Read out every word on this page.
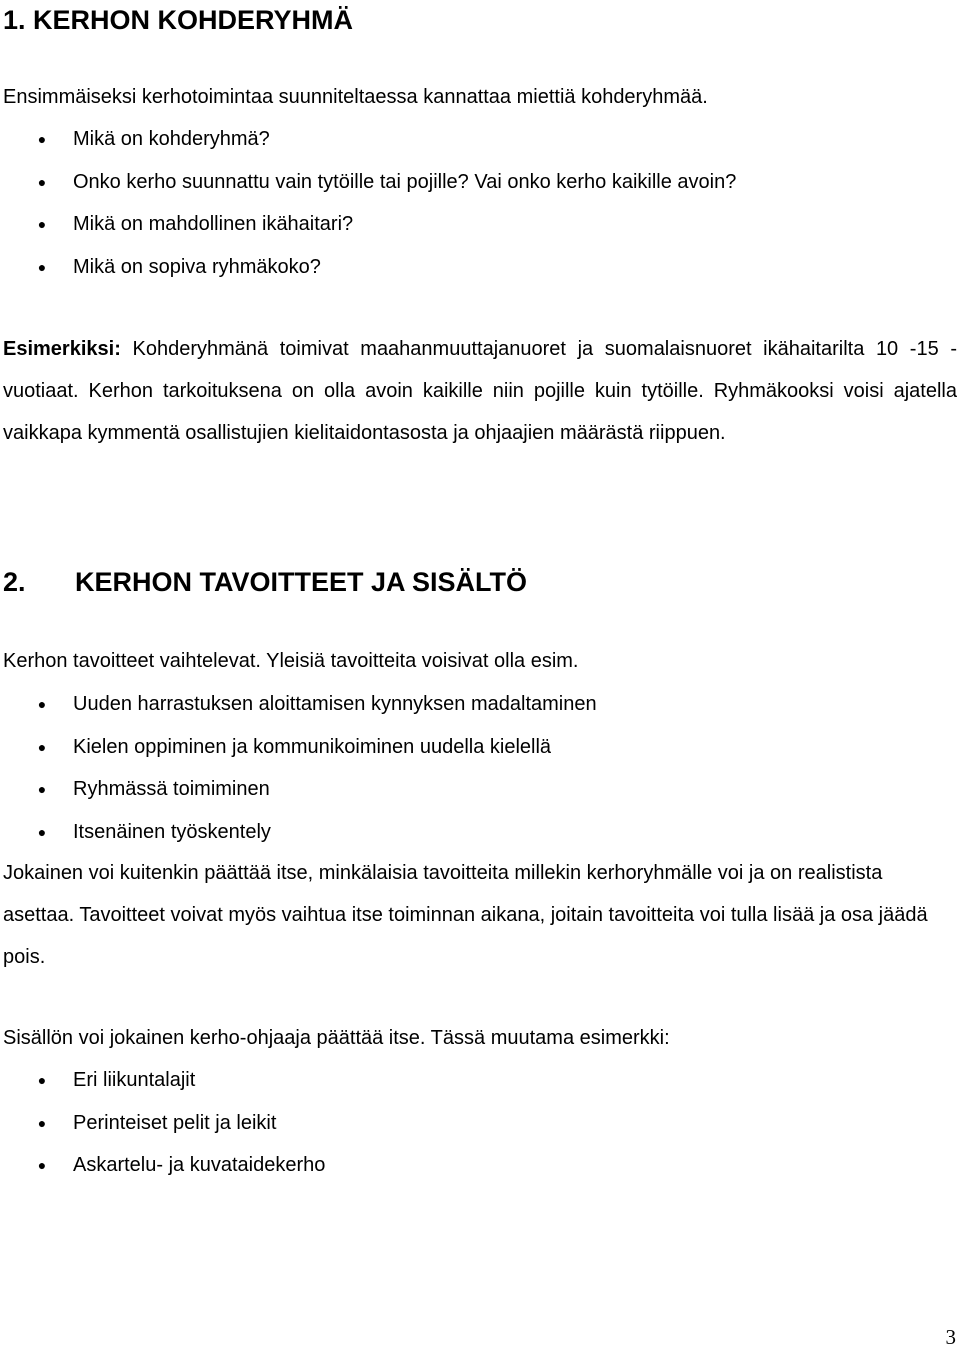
1. KERHON KOHDERYHMÄ

Ensimmäiseksi kerhotoimintaa suunniteltaessa kannattaa miettiä kohderyhmää.

● Mikä on kohderyhmä?
● Onko kerho suunnattu vain tytöille tai pojille? Vai onko kerho kaikille avoin?
● Mikä on mahdollinen ikähaitari?
● Mikä on sopiva ryhmäkoko?

Esimerkiksi: Kohderyhmänä toimivat maahanmuuttajanuoret ja suomalaisnuoret ikähaitarilta 10 -15 -vuotiaat. Kerhon tarkoituksena on olla avoin kaikille niin pojille kuin tytöille. Ryhmäkooksi voisi ajatella vaikkapa kymmentä osallistujien kielitaidontasosta ja ohjaajien määrästä riippuen.

2. KERHON TAVOITTEET JA SISÄLTÖ

Kerhon tavoitteet vaihtelevat. Yleisiä tavoitteita voisivat olla esim.

● Uuden harrastuksen aloittamisen kynnyksen madaltaminen
● Kielen oppiminen ja kommunikoiminen uudella kielellä
● Ryhmässä toimiminen
● Itsenäinen työskentely

Jokainen voi kuitenkin päättää itse, minkälaisia tavoitteita millekin kerhoryhmälle voi ja on realistista asettaa. Tavoitteet voivat myös vaihtua itse toiminnan aikana, joitain tavoitteita voi tulla lisää ja osa jäädä pois.

Sisällön voi jokainen kerho-ohjaaja päättää itse. Tässä muutama esimerkki:

● Eri liikuntalajit
● Perinteiset pelit ja leikit
● Askartelu- ja kuvataidekerho
3
